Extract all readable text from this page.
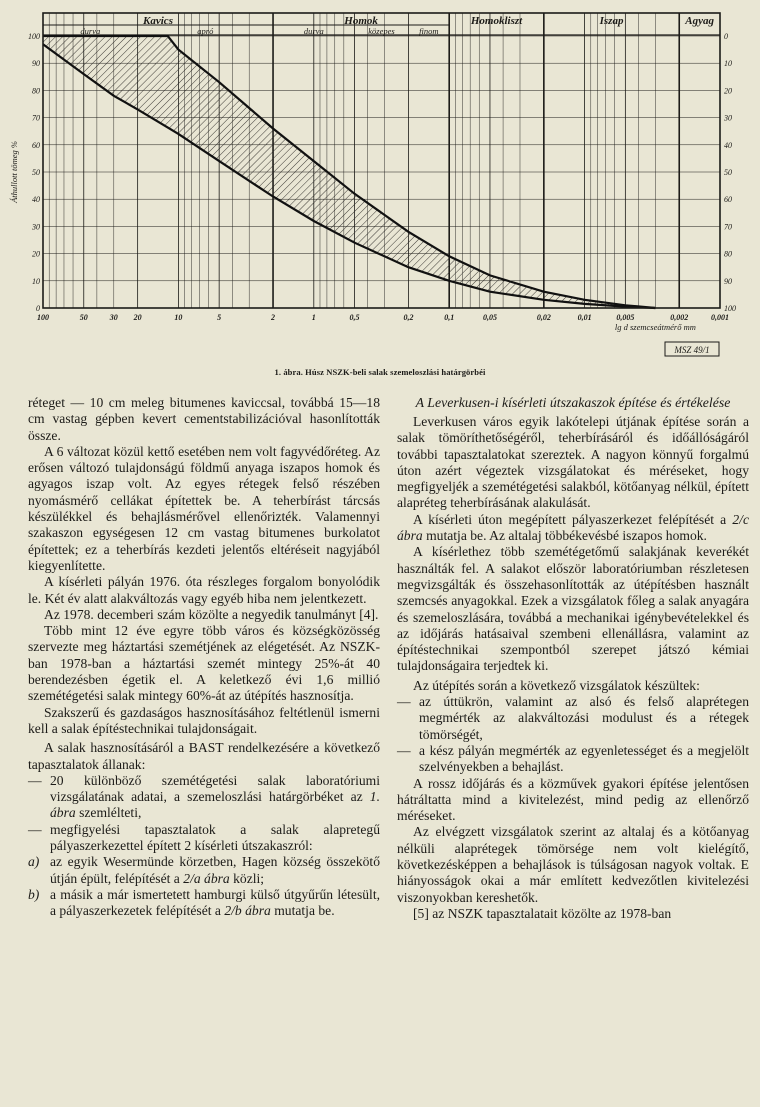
Kavics	Homok	Homokliszt	Iszap	Agyag
durva	apró	durva	közepes	finom
100
90
80
70
60
50
40
30
20
10
0
0
10
20
30
40
50
60
70
80
90
100
Áthullott tömeg %
100	50	30 20	10	5	2	1	0,5	0,2	0,1	0,05	0,02	0,01	0,005	0,002	0,001
lg d szemcseátmérő mm
MSZ 49/1
1. ábra. Húsz NSZK-beli salak szemeloszlási határgörbéi

réteget — 10 cm meleg bitumenes kaviccsal, továbbá 15—18 cm vastag gépben kevert cementstabilizációval hasonlították össze.

A 6 változat közül kettő esetében nem volt fagyvédőréteg. Az erősen változó tulajdonságú földmű anyaga iszapos homok és agyagos iszap volt. Az egyes rétegek felső részében nyomásmérő cellákat építettek be. A teherbírást tárcsás készülékkel és behajlásmérővel ellenőrizték. Valamennyi szakaszon egységesen 12 cm vastag bitumenes burkolatot építettek; ez a teherbírás kezdeti jelentős eltéréseit nagyjából kiegyenlítette.

A kísérleti pályán 1976. óta részleges forgalom bonyolódik le. Két év alatt alakváltozás vagy egyéb hiba nem jelentkezett.

Az 1978. decemberi szám közölte a negyedik tanulmányt [4].

Több mint 12 éve egyre több város és községközösség szervezte meg háztartási szemétjének az elégetését. Az NSZK-ban 1978-ban a háztartási szemét mintegy 25%-át 40 berendezésben égetik el. A keletkező évi 1,6 millió szemétégetési salak mintegy 60%-át az útépítés hasznosítja.

Szakszerű és gazdaságos hasznosításához feltétlenül ismerni kell a salak építéstechnikai tulajdonságait.

A salak hasznosításáról a BAST rendelkezésére a következő tapasztalatok állanak:

— 20 különböző szemétégetési salak laboratóriumi vizsgálatának adatai, a szemeloszlási határgörbéket az 1. ábra szemlélteti,

— megfigyelési tapasztalatok a salak alapretegű pályaszerkezettel épített 2 kísérleti útszakaszról:

a) az egyik Wesermünde körzetben, Hagen község összekötő útján épült, felépítését a 2/a ábra közli;

b) a másik a már ismertetett hamburgi külső útgyűrűn létesült, a pályaszerkezetek felépítését a 2/b ábra mutatja be.

A Leverkusen-i kísérleti útszakaszok építése és értékelése

Leverkusen város egyik lakótelepi útjának építése során a salak tömöríthetőségéről, teherbírásáról és időállóságáról további tapasztalatokat szereztek. A nagyon könnyű forgalmú úton azért végeztek vizsgálatokat és méréseket, hogy megfigyeljék a szemétégetési salakból, kötőanyag nélkül, épített alapréteg teherbírásának alakulását.

A kísérleti úton megépített pályaszerkezet felépítését a 2/c ábra mutatja be. Az altalaj többékevésbé iszapos homok.

A kísérlethez több szemétégetőmű salakjának keverékét használták fel. A salakot először laboratóriumban részletesen megvizsgálták és összehasonlították az útépítésben használt szemcsés anyagokkal. Ezek a vizsgálatok főleg a salak anyagára és szemeloszlására, továbbá a mechanikai igénybevételekkel és az időjárás hatásaival szembeni ellenállásra, valamint az építéstechnikai szempontból szerepet játszó kémiai tulajdonságaira terjedtek ki.

Az útépítés során a következő vizsgálatok készültek:

— az úttükrön, valamint az alsó és felső alaprétegen megmérték az alakváltozási modulust és a rétegek tömörségét,

— a kész pályán megmérték az egyenletességet és a megjelölt szelvényekben a behajlást.

A rossz időjárás és a közművek gyakori építése jelentősen hátráltatta mind a kivitelezést, mind pedig az ellenőrző méréseket.

Az elvégzett vizsgálatok szerint az altalaj és a kötőanyag nélküli alaprétegek tömörsége nem volt kielégítő, következésképpen a behajlások is túlságosan nagyok voltak. E hiányosságok okai a már említett kedvezőtlen kivitelezési viszonyokban kereshetők.

[5] az NSZK tapasztalatait közölte az 1978-ban
